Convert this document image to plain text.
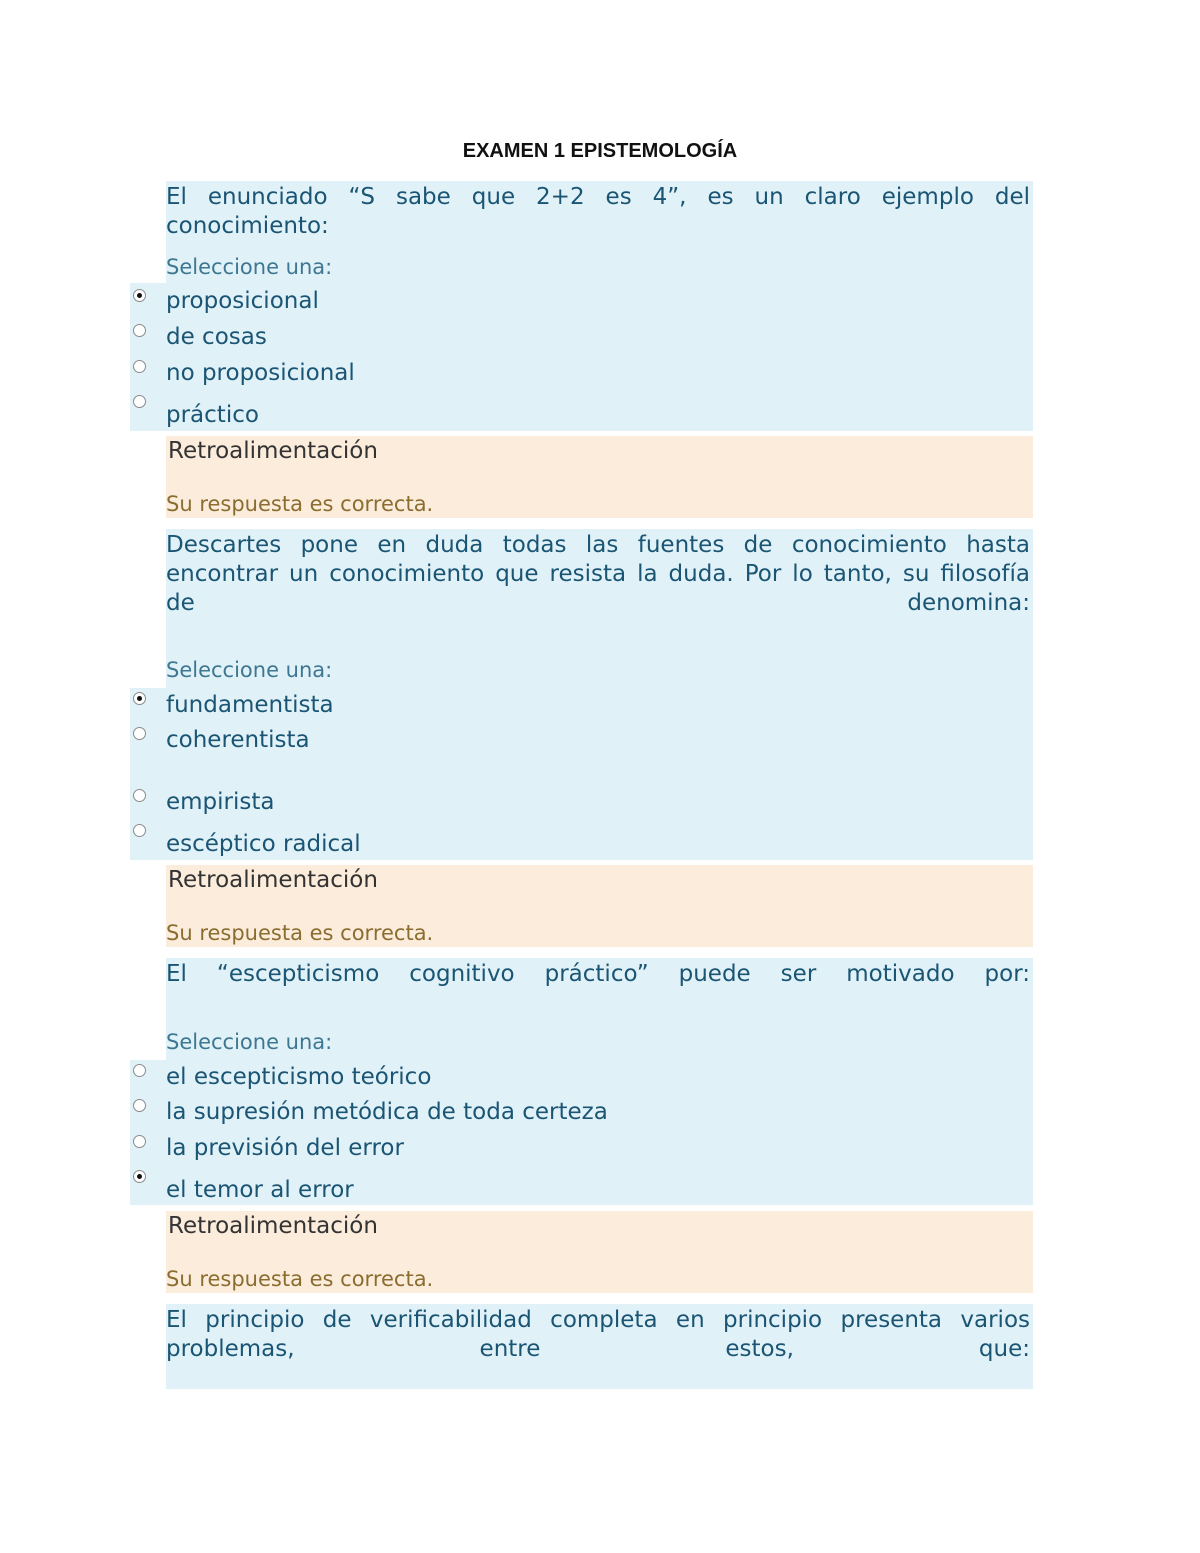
EXAMEN 1 EPISTEMOLOGÍA
El enunciado “S sabe que 2+2 es 4”, es un claro ejemplo del
conocimiento:
Seleccione una:
proposicional
de cosas
no proposicional
práctico
Retroalimentación
Su respuesta es correcta.
Descartes pone en duda todas las fuentes de conocimiento hasta
encontrar un conocimiento que resista la duda. Por lo tanto, su filosofía
de denomina:
Seleccione una:
fundamentista
coherentista
empirista
escéptico radical
Retroalimentación
Su respuesta es correcta.
El “escepticismo cognitivo práctico” puede ser motivado por:
Seleccione una:
el escepticismo teórico
la supresión metódica de toda certeza
la previsión del error
el temor al error
Retroalimentación
Su respuesta es correcta.
El principio de verificabilidad completa en principio presenta varios
problemas, entre estos, que:
